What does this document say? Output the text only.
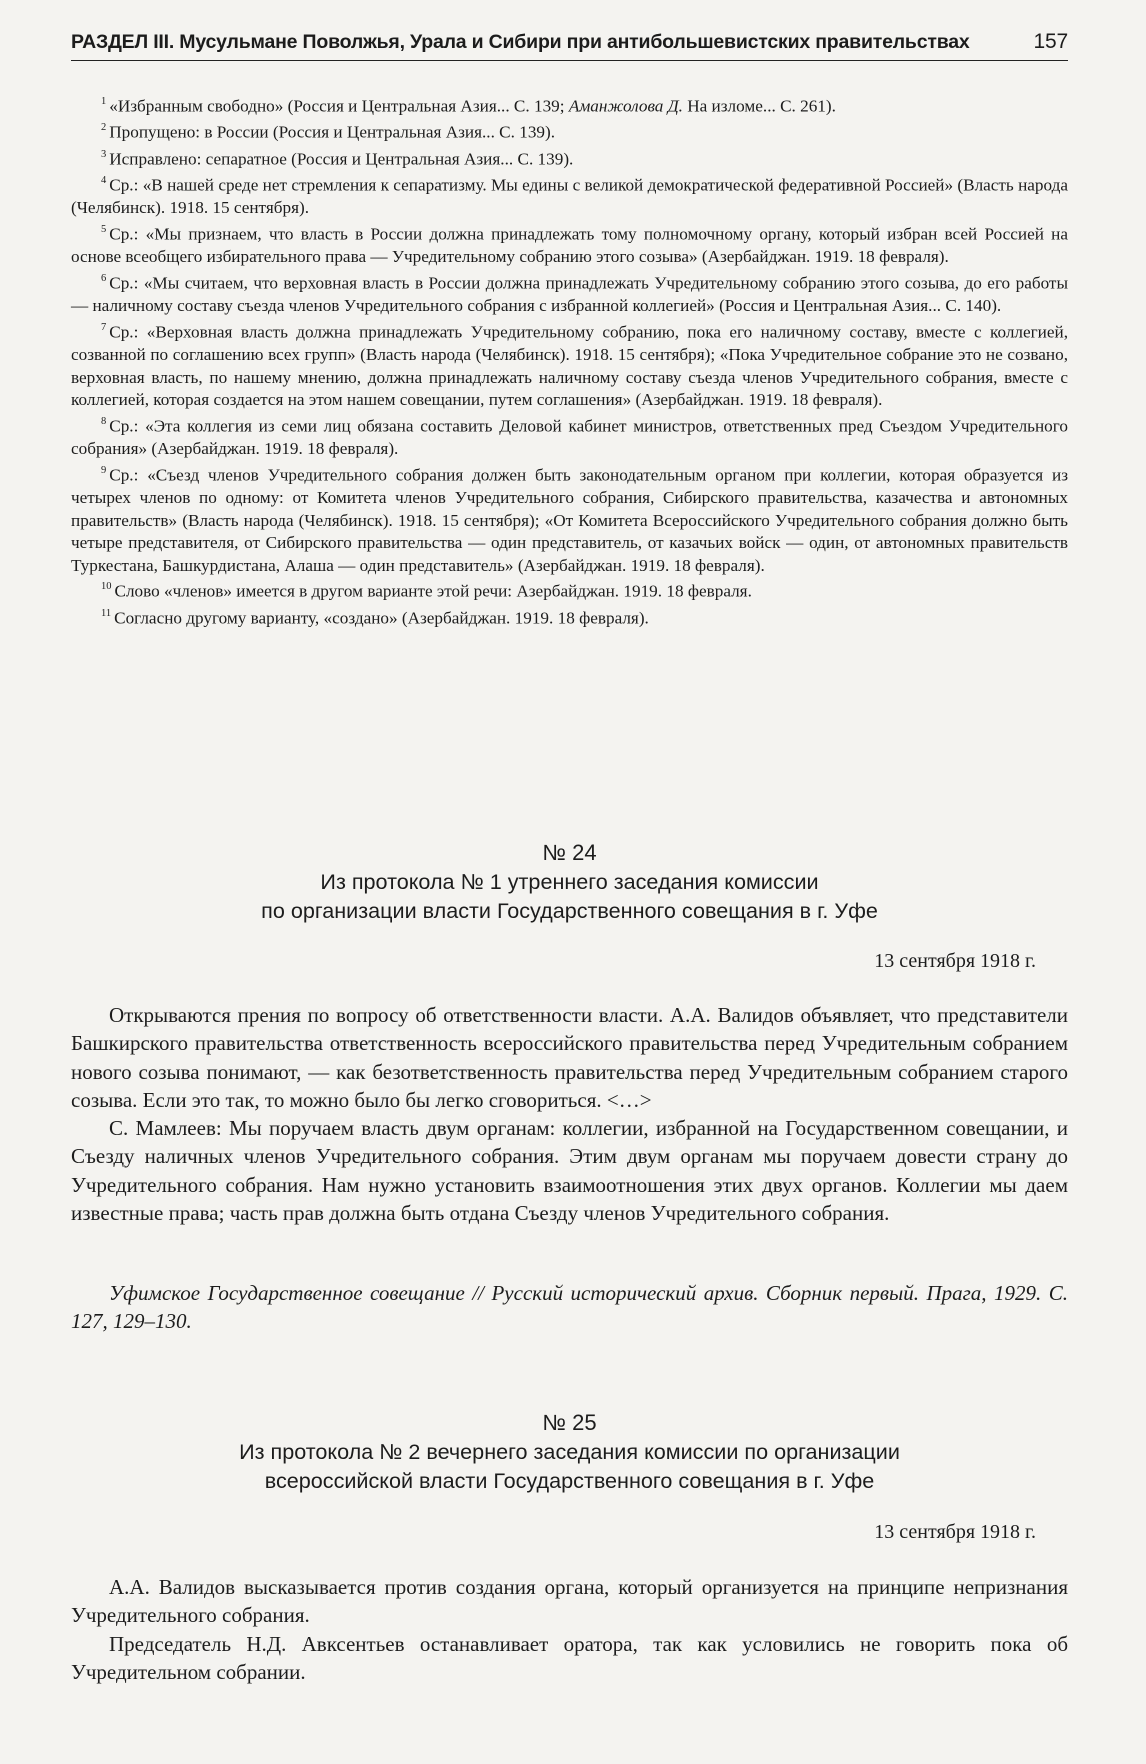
РАЗДЕЛ III. Мусульмане Поволжья, Урала и Сибири при антибольшевистских правительствах	157

$^1$ «Избранным свободно» (Россия и Центральная Азия... С. 139; Аманжолова Д. На изломе... С. 261).

$^2$ Пропущено: в России (Россия и Центральная Азия... С. 139).

$^3$ Исправлено: сепаратное (Россия и Центральная Азия... С. 139).

$^4$ Ср.: «В нашей среде нет стремления к сепаратизму. Мы едины с великой демократической федеративной Россией» (Власть народа (Челябинск). 1918. 15 сентября).

$^5$ Ср.: «Мы признаем, что власть в России должна принадлежать тому полномочному органу, который избран всей Россией на основе всеобщего избирательного права — Учредительному собранию этого созыва» (Азербайджан. 1919. 18 февраля).

$^6$ Ср.: «Мы считаем, что верховная власть в России должна принадлежать Учредительному собранию этого созыва, до его работы — наличному составу съезда членов Учредительного собрания с избранной коллегией» (Россия и Центральная Азия... С. 140).

$^7$ Ср.: «Верховная власть должна принадлежать Учредительному собранию, пока его наличному составу, вместе с коллегией, созванной по соглашению всех групп» (Власть народа (Челябинск). 1918. 15 сентября); «Пока Учредительное собрание это не созвано, верховная власть, по нашему мнению, должна принадлежать наличному составу съезда членов Учредительного собрания, вместе с коллегией, которая создается на этом нашем совещании, путем соглашения» (Азербайджан. 1919. 18 февраля).

$^8$ Ср.: «Эта коллегия из семи лиц обязана составить Деловой кабинет министров, ответственных пред Съездом Учредительного собрания» (Азербайджан. 1919. 18 февраля).

$^9$ Ср.: «Съезд членов Учредительного собрания должен быть законодательным органом при коллегии, которая образуется из четырех членов по одному: от Комитета членов Учредительного собрания, Сибирского правительства, казачества и автономных правительств» (Власть народа (Челябинск). 1918. 15 сентября); «От Комитета Всероссийского Учредительного собрания должно быть четыре представителя, от Сибирского правительства — один представитель, от казачьих войск — один, от автономных правительств Туркестана, Башкурдистана, Алаша — один представитель» (Азербайджан. 1919. 18 февраля).

$^{10}$ Слово «членов» имеется в другом варианте этой речи: Азербайджан. 1919. 18 февраля.

$^{11}$ Согласно другому варианту, «создано» (Азербайджан. 1919. 18 февраля).

№ 24
Из протокола № 1 утреннего заседания комиссии
по организации власти Государственного совещания в г. Уфе
13 сентября 1918 г.

Открываются прения по вопросу об ответственности власти. А.А. Валидов объявляет, что представители Башкирского правительства ответственность всероссийского правительства перед Учредительным собранием нового созыва понимают, — как безответственность правительства перед Учредительным собранием старого созыва. Если это так, то можно было бы легко сговориться. <…>

С. Мамлеев: Мы поручаем власть двум органам: коллегии, избранной на Государственном совещании, и Съезду наличных членов Учредительного собрания. Этим двум органам мы поручаем довести страну до Учредительного собрания. Нам нужно установить взаимоотношения этих двух органов. Коллегии мы даем известные права; часть прав должна быть отдана Съезду членов Учредительного собрания.

Уфимское Государственное совещание // Русский исторический архив. Сборник первый. Прага, 1929. С. 127, 129–130.

№ 25
Из протокола № 2 вечернего заседания комиссии по организации
всероссийской власти Государственного совещания в г. Уфе
13 сентября 1918 г.

А.А. Валидов высказывается против создания органа, который организуется на принципе непризнания Учредительного собрания.

Председатель Н.Д. Авксентьев останавливает оратора, так как условились не говорить пока об Учредительном собрании.
